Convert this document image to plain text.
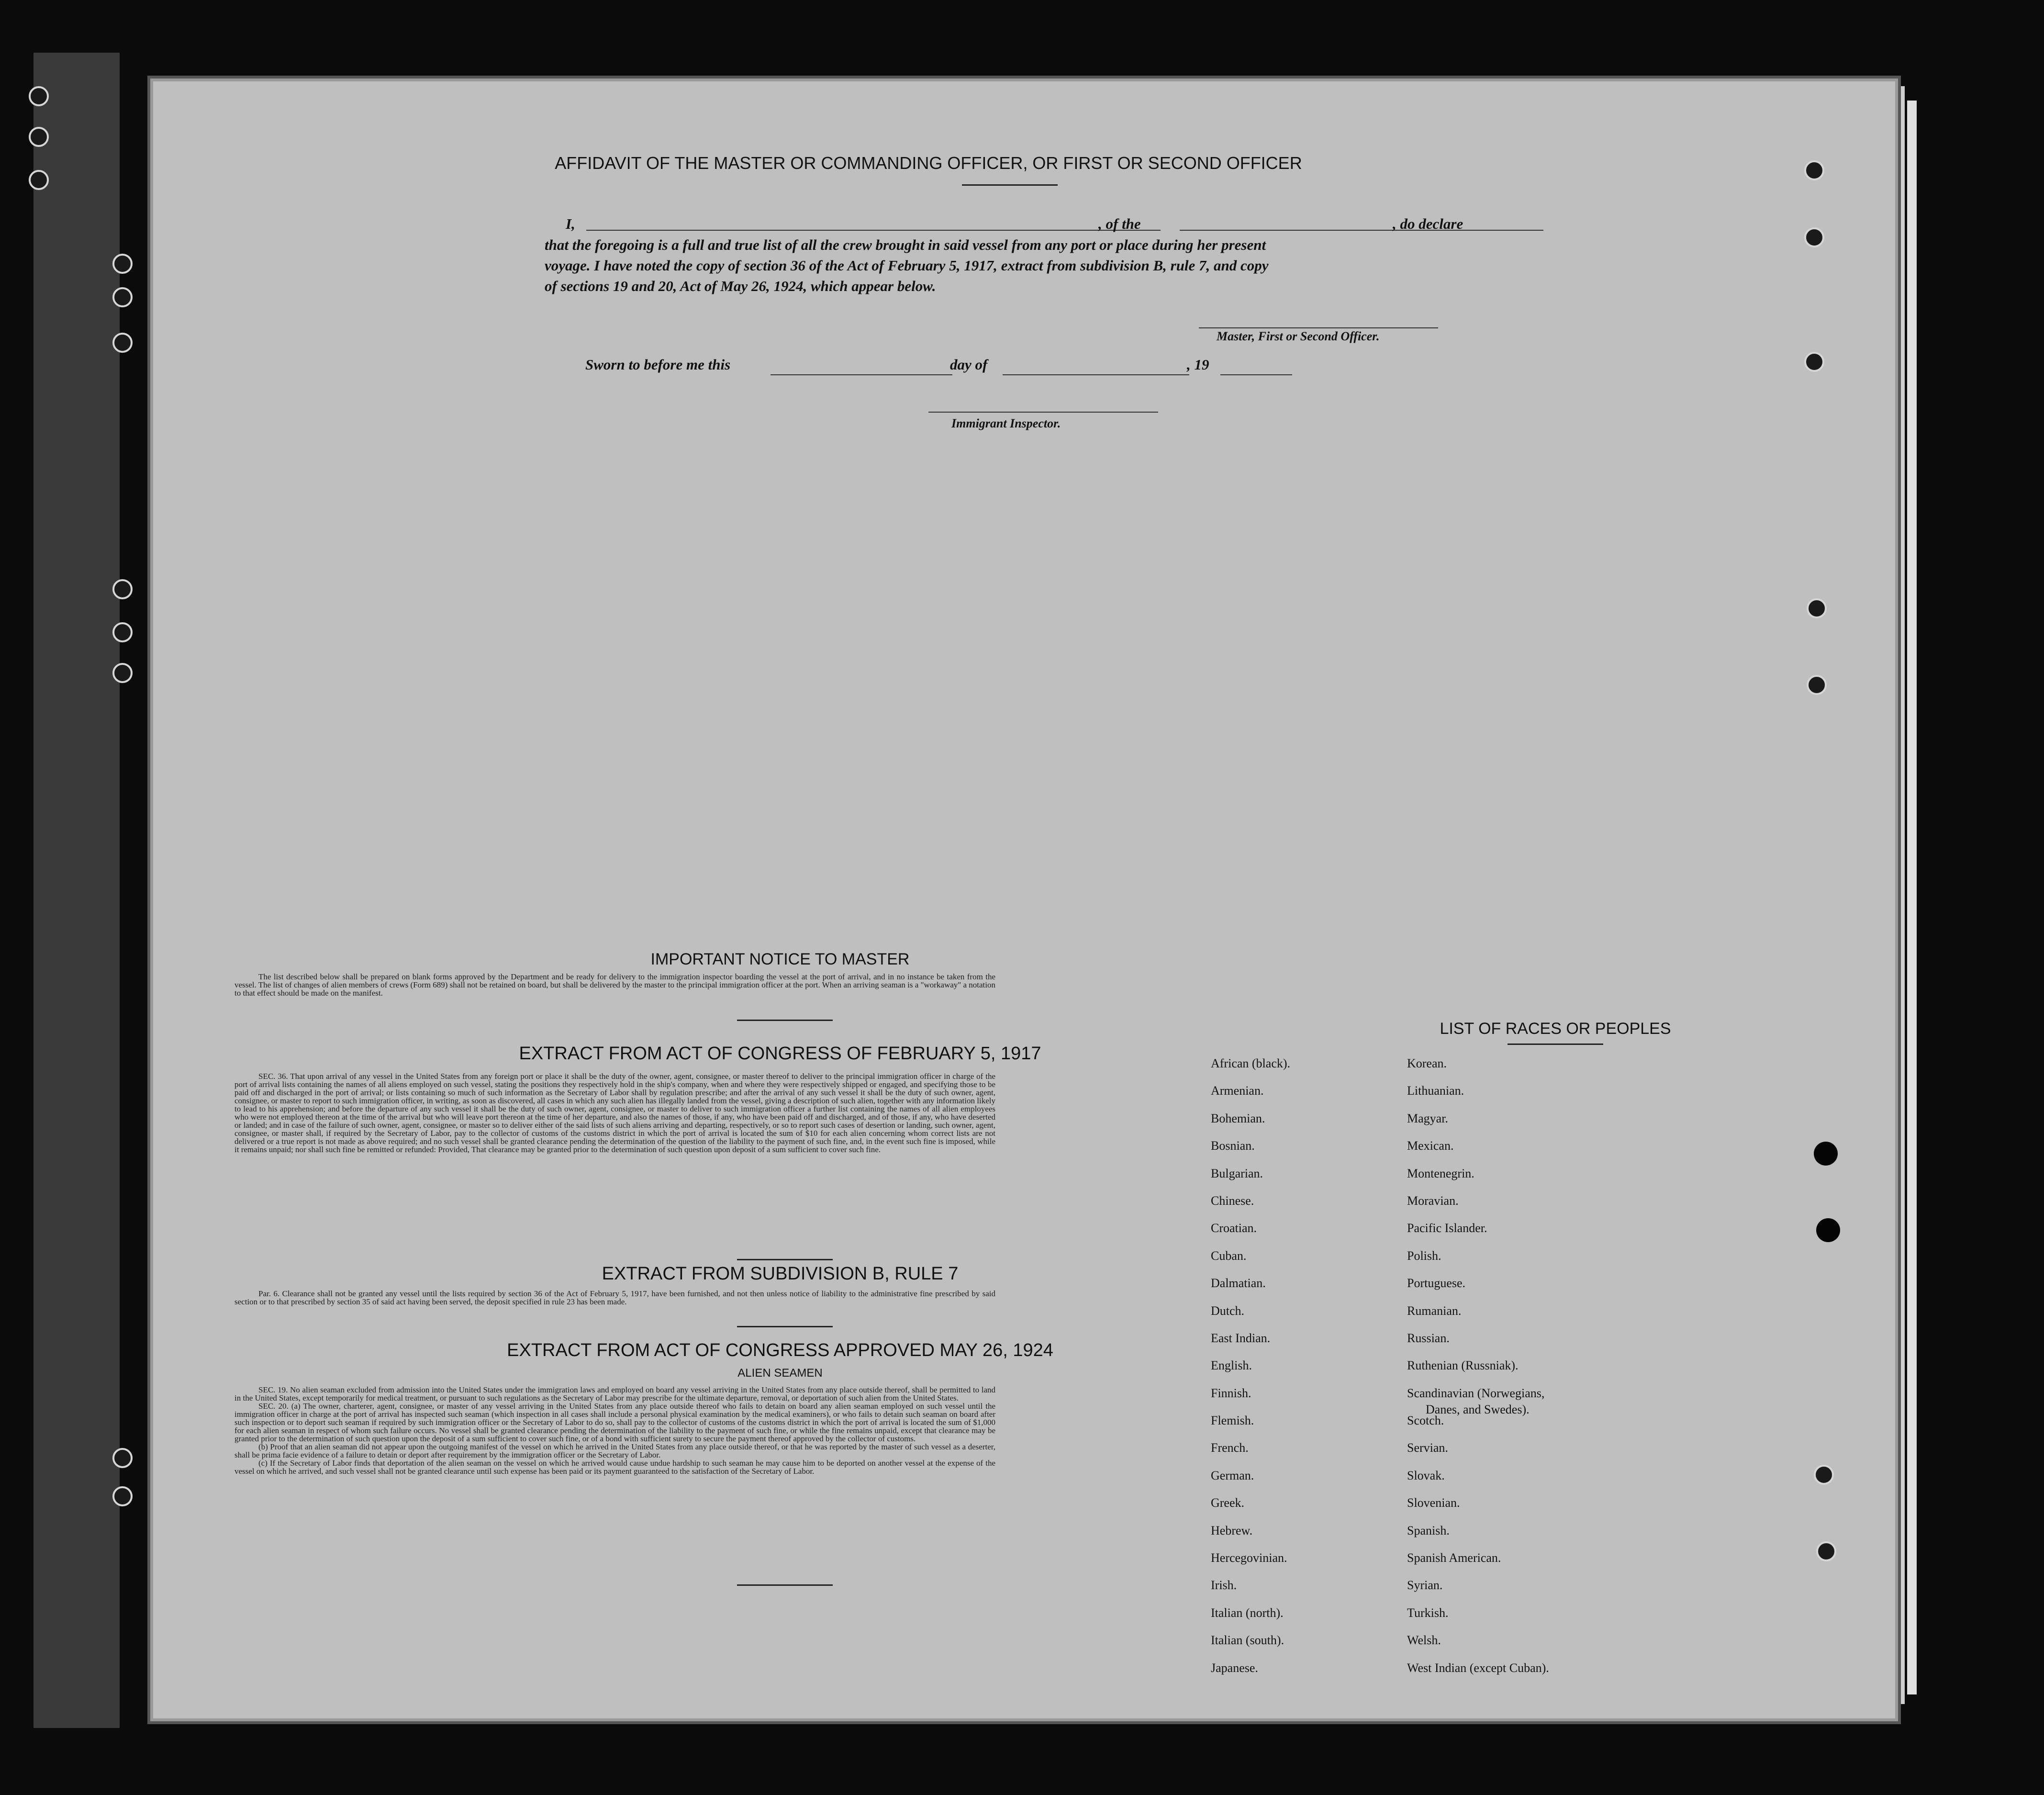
AFFIDAVIT OF THE MASTER OR COMMANDING OFFICER, OR FIRST OR SECOND OFFICER
I,	, of the	, do declare
that the foregoing is a full and true list of all the crew brought in said vessel from any port or place during her present
voyage. I have noted the copy of section 36 of the Act of February 5, 1917, extract from subdivision B, rule 7, and copy
of sections 19 and 20, Act of May 26, 1924, which appear below.
Master, First or Second Officer.
Sworn to before me this	day of	, 19
Immigrant Inspector.
IMPORTANT NOTICE TO MASTER

The list described below shall be prepared on blank forms approved by the Department and be ready for delivery to the immigration inspector boarding the vessel at the port of arrival, and in no instance be taken from the vessel. The list of changes of alien members of crews (Form 689) shall not be retained on board, but shall be delivered by the master to the principal immigration officer at the port. When an arriving seaman is a "workaway" a notation to that effect should be made on the manifest.

EXTRACT FROM ACT OF CONGRESS OF FEBRUARY 5, 1917

SEC. 36. That upon arrival of any vessel in the United States from any foreign port or place it shall be the duty of the owner, agent, consignee, or master thereof to deliver to the principal immigration officer in charge of the port of arrival lists containing the names of all aliens employed on such vessel, stating the positions they respectively hold in the ship's company, when and where they were respectively shipped or engaged, and specifying those to be paid off and discharged in the port of arrival; or lists containing so much of such information as the Secretary of Labor shall by regulation prescribe; and after the arrival of any such vessel it shall be the duty of such owner, agent, consignee, or master to report to such immigration officer, in writing, as soon as discovered, all cases in which any such alien has illegally landed from the vessel, giving a description of such alien, together with any information likely to lead to his apprehension; and before the departure of any such vessel it shall be the duty of such owner, agent, consignee, or master to deliver to such immigration officer a further list containing the names of all alien employees who were not employed thereon at the time of the arrival but who will leave port thereon at the time of her departure, and also the names of those, if any, who have been paid off and discharged, and of those, if any, who have deserted or landed; and in case of the failure of such owner, agent, consignee, or master so to deliver either of the said lists of such aliens arriving and departing, respectively, or so to report such cases of desertion or landing, such owner, agent, consignee, or master shall, if required by the Secretary of Labor, pay to the collector of customs of the customs district in which the port of arrival is located the sum of $10 for each alien concerning whom correct lists are not delivered or a true report is not made as above required; and no such vessel shall be granted clearance pending the determination of the question of the liability to the payment of such fine, and, in the event such fine is imposed, while it remains unpaid; nor shall such fine be remitted or refunded: Provided, That clearance may be granted prior to the determination of such question upon deposit of a sum sufficient to cover such fine.

EXTRACT FROM SUBDIVISION B, RULE 7

Par. 6. Clearance shall not be granted any vessel until the lists required by section 36 of the Act of February 5, 1917, have been furnished, and not then unless notice of liability to the administrative fine prescribed by said section or to that prescribed by section 35 of said act having been served, the deposit specified in rule 23 has been made.

EXTRACT FROM ACT OF CONGRESS APPROVED MAY 26, 1924
ALIEN SEAMEN

SEC. 19. No alien seaman excluded from admission into the United States under the immigration laws and employed on board any vessel arriving in the United States from any place outside thereof, shall be permitted to land in the United States, except temporarily for medical treatment, or pursuant to such regulations as the Secretary of Labor may prescribe for the ultimate departure, removal, or deportation of such alien from the United States.

SEC. 20. (a) The owner, charterer, agent, consignee, or master of any vessel arriving in the United States from any place outside thereof who fails to detain on board any alien seaman employed on such vessel until the immigration officer in charge at the port of arrival has inspected such seaman (which inspection in all cases shall include a personal physical examination by the medical examiners), or who fails to detain such seaman on board after such inspection or to deport such seaman if required by such immigration officer or the Secretary of Labor to do so, shall pay to the collector of customs of the customs district in which the port of arrival is located the sum of $1,000 for each alien seaman in respect of whom such failure occurs. No vessel shall be granted clearance pending the determination of the liability to the payment of such fine, or while the fine remains unpaid, except that clearance may be granted prior to the determination of such question upon the deposit of a sum sufficient to cover such fine, or of a bond with sufficient surety to secure the payment thereof approved by the collector of customs.

(b) Proof that an alien seaman did not appear upon the outgoing manifest of the vessel on which he arrived in the United States from any place outside thereof, or that he was reported by the master of such vessel as a deserter, shall be prima facie evidence of a failure to detain or deport after requirement by the immigration officer or the Secretary of Labor.

(c) If the Secretary of Labor finds that deportation of the alien seaman on the vessel on which he arrived would cause undue hardship to such seaman he may cause him to be deported on another vessel at the expense of the vessel on which he arrived, and such vessel shall not be granted clearance until such expense has been paid or its payment guaranteed to the satisfaction of the Secretary of Labor.

LIST OF RACES OR PEOPLES
African (black).
Armenian.
Bohemian.
Bosnian.
Bulgarian.
Chinese.
Croatian.
Cuban.
Dalmatian.
Dutch.
East Indian.
English.
Finnish.
Flemish.
French.
German.
Greek.
Hebrew.
Hercegovinian.
Irish.
Italian (north).
Italian (south).
Japanese.
Korean.
Lithuanian.
Magyar.
Mexican.
Montenegrin.
Moravian.
Pacific Islander.
Polish.
Portuguese.
Rumanian.
Russian.
Ruthenian (Russniak).
Scandinavian (Norwegians,
Danes, and Swedes).
Scotch.
Servian.
Slovak.
Slovenian.
Spanish.
Spanish American.
Syrian.
Turkish.
Welsh.
West Indian (except Cuban).
